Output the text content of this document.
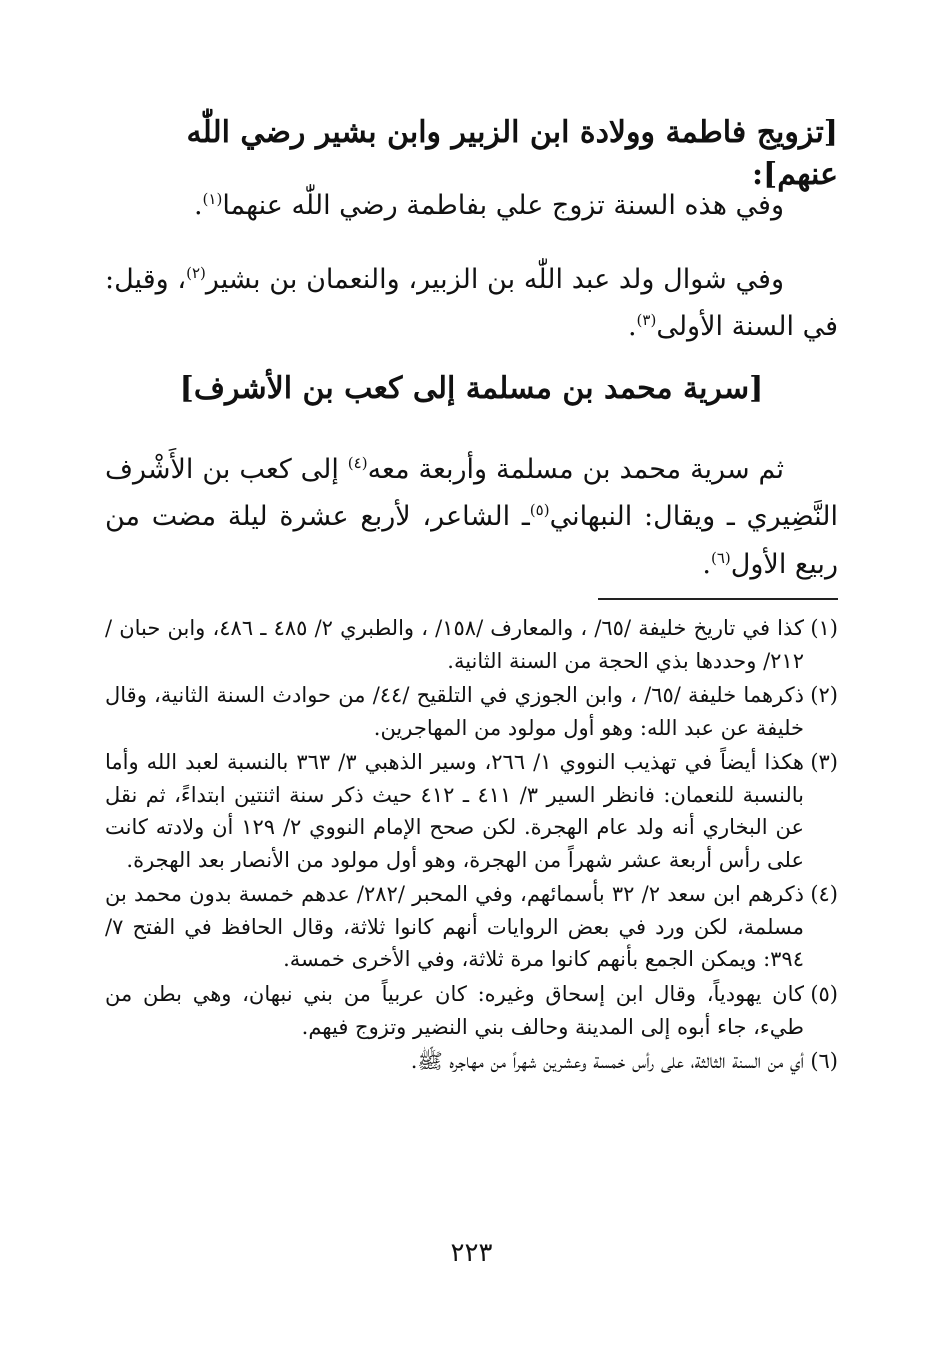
[تزويج فاطمة وولادة ابن الزبير وابن بشير رضي اللّٰه عنهم]:
وفي هذه السنة تزوج علي بفاطمة رضي اللّٰه عنهما$^{(١)}$.
وفي شوال ولد عبد اللّٰه بن الزبير، والنعمان بن بشير$^{(٢)}$، وقيل: في السنة الأولى$^{(٣)}$.
[سرية محمد بن مسلمة إلى كعب بن الأشرف]
ثم سرية محمد بن مسلمة وأربعة معه$^{(٤)}$ إلى كعب بن الأَشْرف النَّضِيري ـ ويقال: النبهاني$^{(٥)}$ـ الشاعر، لأربع عشرة ليلة مضت من ربيع الأول$^{(٦)}$.
(١)كذا في تاريخ خليفة /٦٥/ ، والمعارف /١٥٨/ ، والطبري ٢/ ٤٨٥ ـ ٤٨٦، وابن حبان / ٢١٢/ وحددها بذي الحجة من السنة الثانية.
(٢)ذكرهما خليفة /٦٥/ ، وابن الجوزي في التلقيح /٤٤/ من حوادث السنة الثانية، وقال خليفة عن عبد الله: وهو أول مولود من المهاجرين.
(٣)هكذا أيضاً في تهذيب النووي ١/ ٢٦٦، وسير الذهبي ٣/ ٣٦٣ بالنسبة لعبد الله وأما بالنسبة للنعمان: فانظر السير ٣/ ٤١١ ـ ٤١٢ حيث ذكر سنة اثنتين ابتداءً، ثم نقل عن البخاري أنه ولد عام الهجرة. لكن صحح الإمام النووي ٢/ ١٢٩ أن ولادته كانت على رأس أربعة عشر شهراً من الهجرة، وهو أول مولود من الأنصار بعد الهجرة.
(٤)ذكرهم ابن سعد ٢/ ٣٢ بأسمائهم، وفي المحبر /٢٨٢/ عدهم خمسة بدون محمد بن مسلمة، لكن ورد في بعض الروايات أنهم كانوا ثلاثة، وقال الحافظ في الفتح ٧/ ٣٩٤: ويمكن الجمع بأنهم كانوا مرة ثلاثة، وفي الأخرى خمسة.
(٥)كان يهودياً، وقال ابن إسحاق وغيره: كان عربياً من بني نبهان، وهي بطن من طيء، جاء أبوه إلى المدينة وحالف بني النضير وتزوج فيهم.
(٦)أي من السنة الثالثة، على رأس خمسة وعشرين شهراً من مهاجره ﷺ.
٢٢٣
